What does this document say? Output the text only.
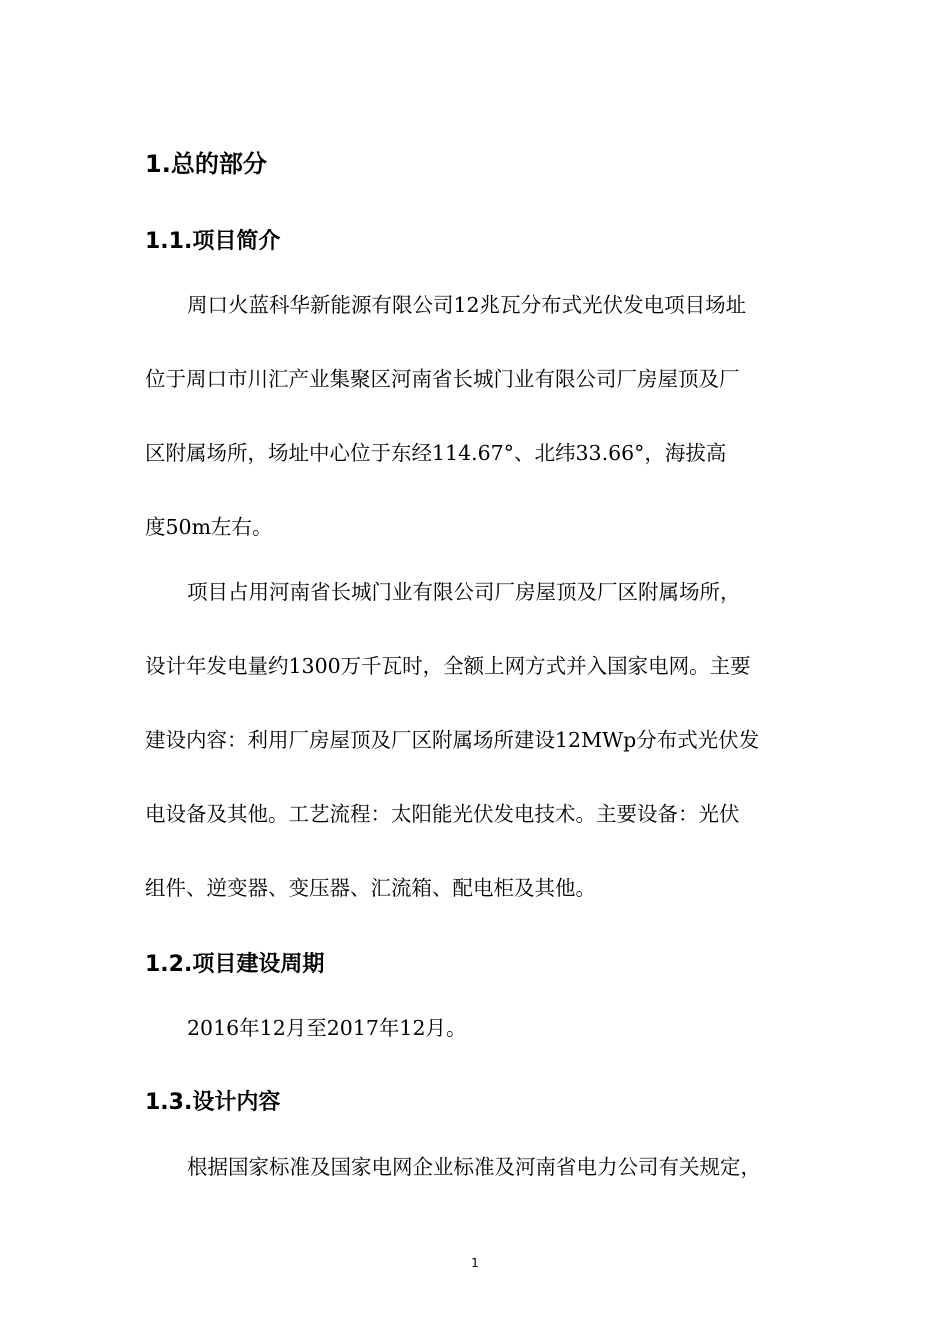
1.总的部分
1.1.项目简介
周口火蓝科华新能源有限公司12兆瓦分布式光伏发电项目场址
位于周口市川汇产业集聚区河南省长城门业有限公司厂房屋顶及厂
区附属场所，场址中心位于东经114.67°、北纬33.66°，海拔高
度50m左右。
项目占用河南省长城门业有限公司厂房屋顶及厂区附属场所，
设计年发电量约1300万千瓦时，全额上网方式并入国家电网。主要
建设内容：利用厂房屋顶及厂区附属场所建设12MWp分布式光伏发
电设备及其他。工艺流程：太阳能光伏发电技术。主要设备：光伏
组件、逆变器、变压器、汇流箱、配电柜及其他。
1.2.项目建设周期
2016年12月至2017年12月。
1.3.设计内容
根据国家标准及国家电网企业标准及河南省电力公司有关规定，
1
